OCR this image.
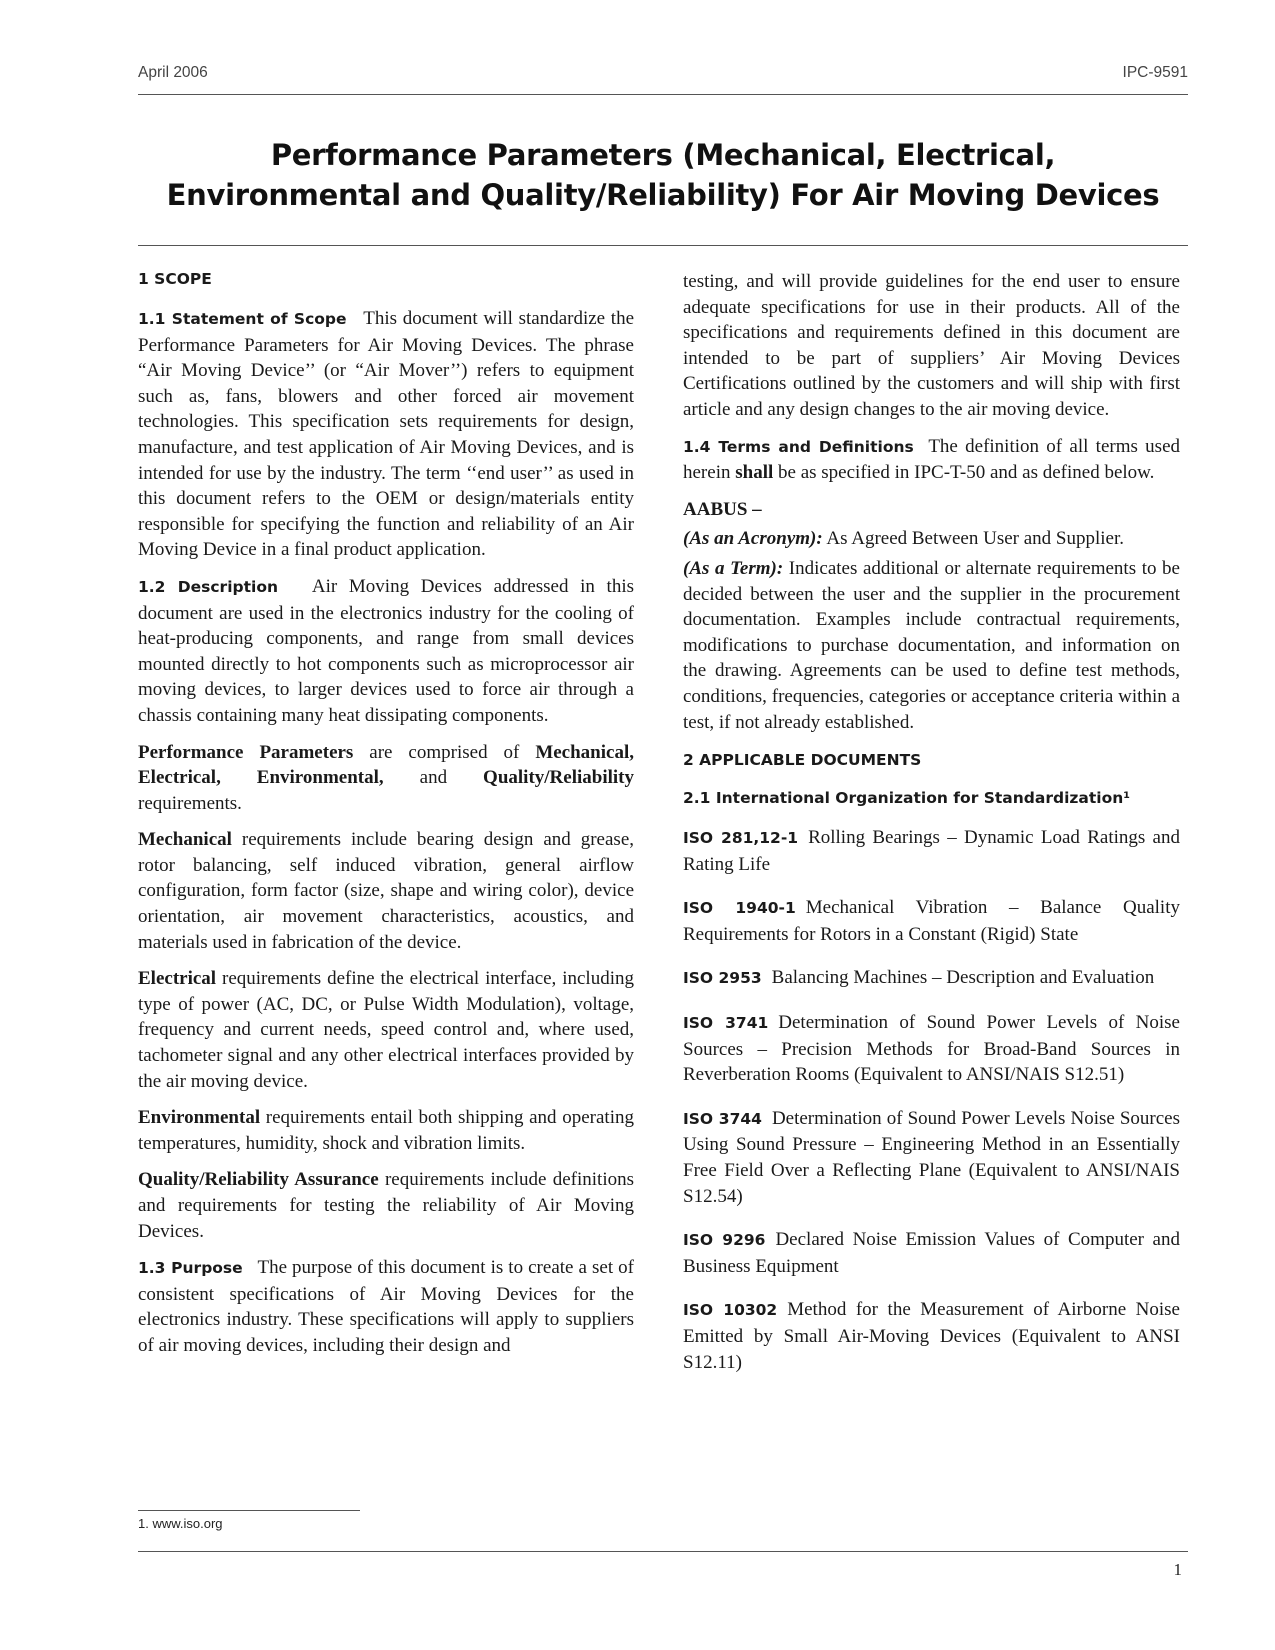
April 2006	IPC-9591
Performance Parameters (Mechanical, Electrical,
Environmental and Quality/Reliability) For Air Moving Devices

1 SCOPE

1.1 Statement of Scope This document will standardize the Performance Parameters for Air Moving Devices. The phrase “Air Moving Device’’ (or “Air Mover’’) refers to equipment such as, fans, blowers and other forced air movement technologies. This specification sets requirements for design, manufacture, and test application of Air Moving Devices, and is intended for use by the industry. The term ‘‘end user’’ as used in this document refers to the OEM or design/materials entity responsible for specifying the function and reliability of an Air Moving Device in a final product application.

1.2 Description Air Moving Devices addressed in this document are used in the electronics industry for the cooling of heat-producing components, and range from small devices mounted directly to hot components such as microprocessor air moving devices, to larger devices used to force air through a chassis containing many heat dissipating components.

Performance Parameters are comprised of Mechanical, Electrical, Environmental, and Quality/Reliability requirements.

Mechanical requirements include bearing design and grease, rotor balancing, self induced vibration, general airflow configuration, form factor (size, shape and wiring color), device orientation, air movement characteristics, acoustics, and materials used in fabrication of the device.

Electrical requirements define the electrical interface, including type of power (AC, DC, or Pulse Width Modulation), voltage, frequency and current needs, speed control and, where used, tachometer signal and any other electrical interfaces provided by the air moving device.

Environmental requirements entail both shipping and operating temperatures, humidity, shock and vibration limits.

Quality/Reliability Assurance requirements include definitions and requirements for testing the reliability of Air Moving Devices.

1.3 Purpose The purpose of this document is to create a set of consistent specifications of Air Moving Devices for the electronics industry. These specifications will apply to suppliers of air moving devices, including their design and

testing, and will provide guidelines for the end user to ensure adequate specifications for use in their products. All of the specifications and requirements defined in this document are intended to be part of suppliers’ Air Moving Devices Certifications outlined by the customers and will ship with first article and any design changes to the air moving device.

1.4 Terms and Definitions The definition of all terms used herein shall be as specified in IPC-T-50 and as defined below.

AABUS –

(As an Acronym): As Agreed Between User and Supplier.

(As a Term): Indicates additional or alternate requirements to be decided between the user and the supplier in the procurement documentation. Examples include contractual requirements, modifications to purchase documentation, and information on the drawing. Agreements can be used to define test methods, conditions, frequencies, categories or acceptance criteria within a test, if not already established.

2 APPLICABLE DOCUMENTS

2.1 International Organization for Standardization¹

ISO 281,12-1 Rolling Bearings – Dynamic Load Ratings and Rating Life

ISO 1940-1 Mechanical Vibration – Balance Quality Requirements for Rotors in a Constant (Rigid) State

ISO 2953 Balancing Machines – Description and Evaluation

ISO 3741 Determination of Sound Power Levels of Noise Sources – Precision Methods for Broad-Band Sources in Reverberation Rooms (Equivalent to ANSI/NAIS S12.51)

ISO 3744 Determination of Sound Power Levels Noise Sources Using Sound Pressure – Engineering Method in an Essentially Free Field Over a Reflecting Plane (Equivalent to ANSI/NAIS S12.54)

ISO 9296 Declared Noise Emission Values of Computer and Business Equipment

ISO 10302 Method for the Measurement of Airborne Noise Emitted by Small Air-Moving Devices (Equivalent to ANSI S12.11)

1. www.iso.org
1
